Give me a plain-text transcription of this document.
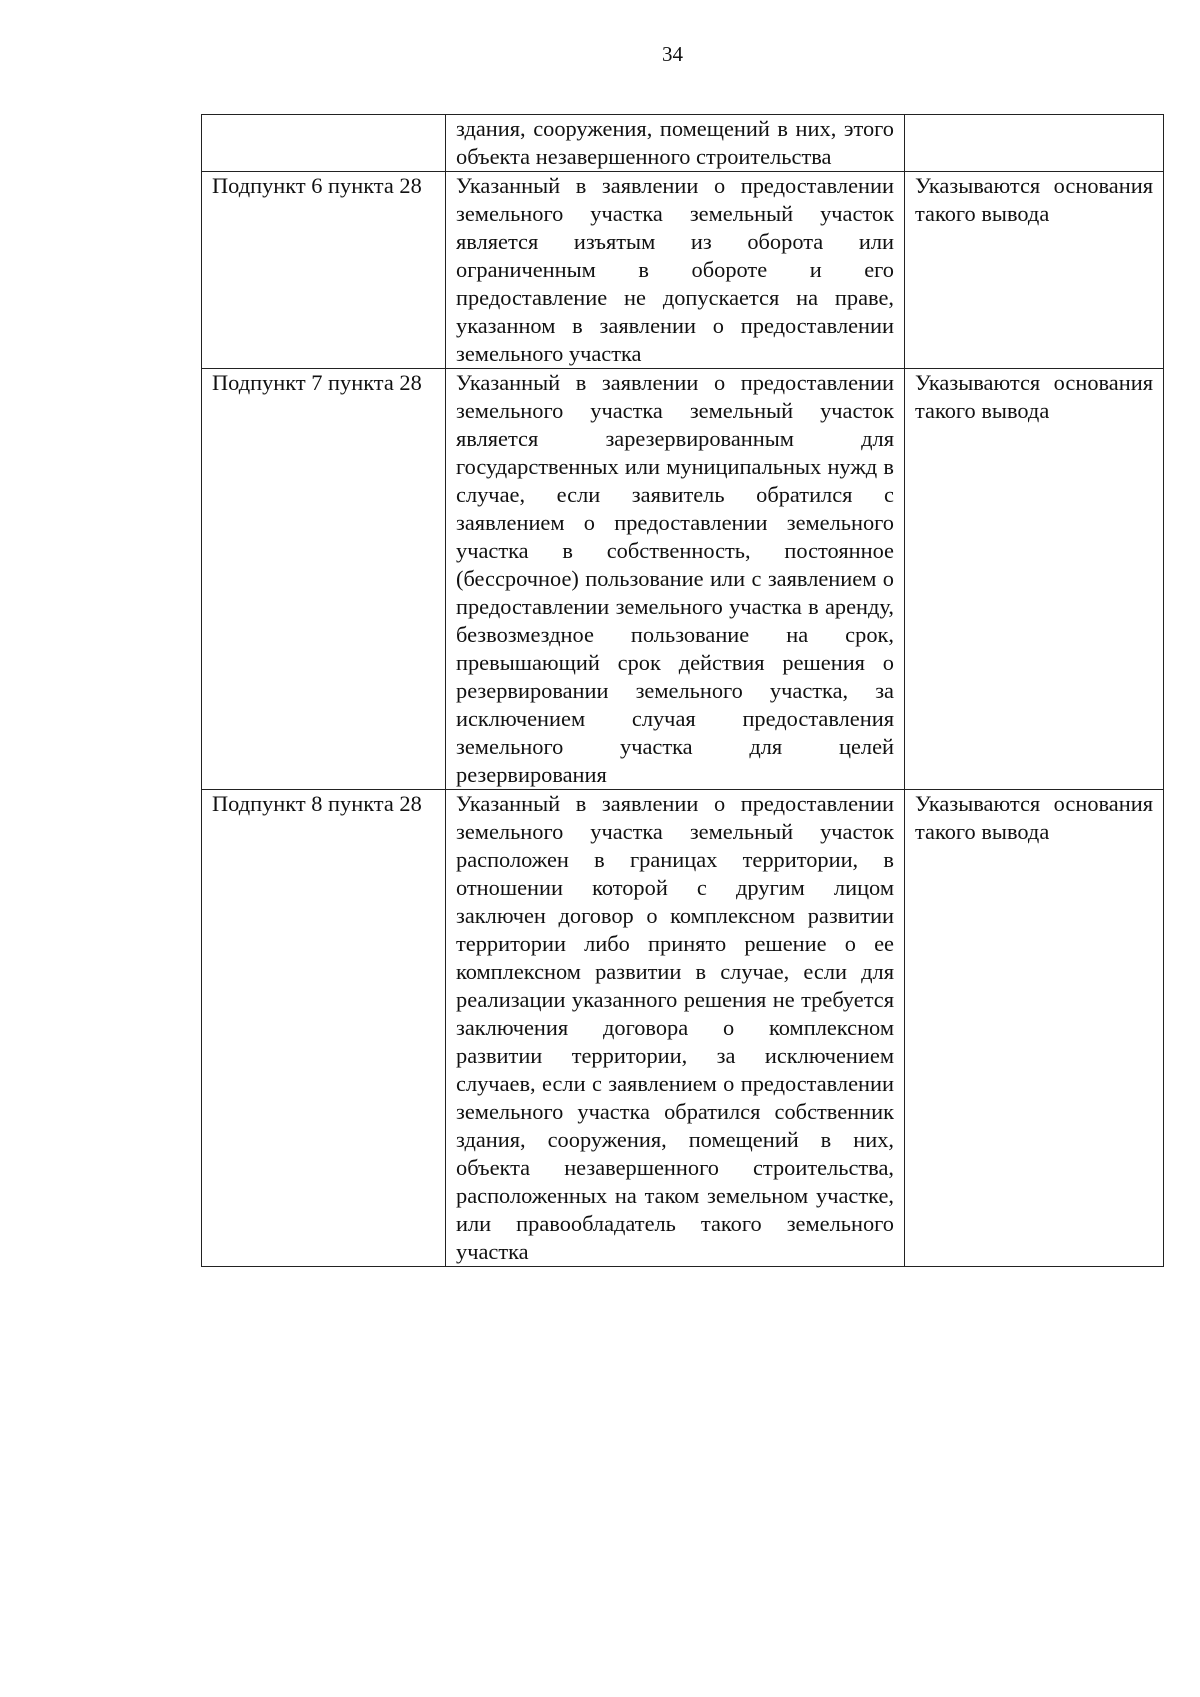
34
	здания, сооружения, помещений в них, этого объекта незавершенного строительства	
Подпункт 6 пункта 28	Указанный в заявлении о предоставлении земельного участка земельный участок является изъятым из оборота или ограниченным в обороте и его предоставление не допускается на праве, указанном в заявлении о предоставлении земельного участка	Указываются основания такого вывода
Подпункт 7 пункта 28	Указанный в заявлении о предоставлении земельного участка земельный участок является зарезервированным для государственных или муниципальных нужд в случае, если заявитель обратился с заявлением о предоставлении земельного участка в собственность, постоянное (бессрочное) пользование или с заявлением о предоставлении земельного участка в аренду, безвозмездное пользование на срок, превышающий срок действия решения о резервировании земельного участка, за исключением случая предоставления земельного участка для целей резервирования	Указываются основания такого вывода
Подпункт 8 пункта 28	Указанный в заявлении о предоставлении земельного участка земельный участок расположен в границах территории, в отношении которой с другим лицом заключен договор о комплексном развитии территории либо принято решение о ее комплексном развитии в случае, если для реализации указанного решения не требуется заключения договора о комплексном развитии территории, за исключением случаев, если с заявлением о предоставлении земельного участка обратился собственник здания, сооружения, помещений в них, объекта незавершенного строительства, расположенных на таком земельном участке, или правообладатель такого земельного участка	Указываются основания такого вывода
